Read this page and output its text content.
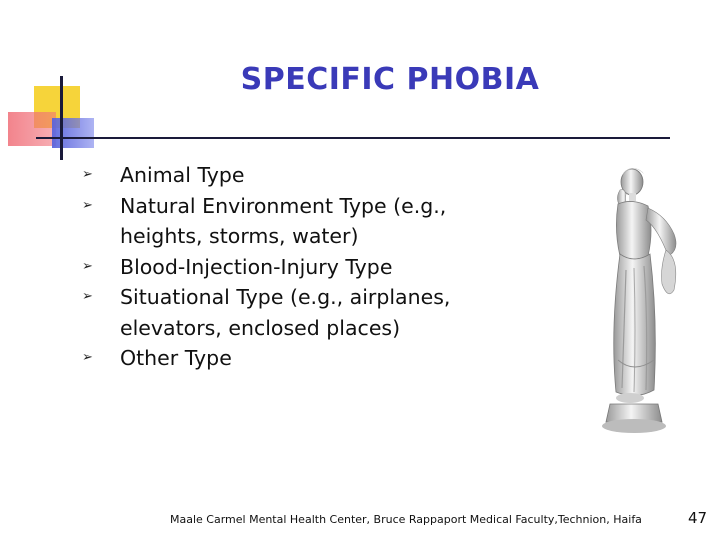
SPECIFIC PHOBIA
➢ Animal Type
➢ Natural Environment Type (e.g., heights, storms, water)
➢ Blood-Injection-Injury Type
➢ Situational Type (e.g., airplanes, elevators, enclosed places)
➢ Other Type
Maale Carmel Mental Health Center, Bruce Rappaport Medical Faculty,Technion, Haifa	47
